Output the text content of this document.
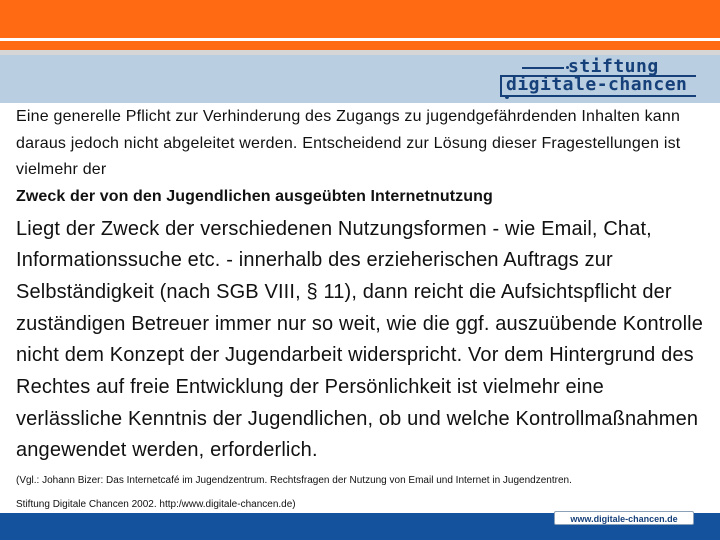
stiftung
digitale-chancen

Eine generelle Pflicht zur Verhinderung des Zugangs zu jugendgefährdenden Inhalten kann daraus jedoch nicht abgeleitet werden. Entscheidend zur Lösung dieser Fragestellungen ist vielmehr der

Zweck der von den Jugendlichen ausgeübten Internetnutzung

Liegt der Zweck der verschiedenen Nutzungsformen - wie Email, Chat, Informationssuche etc. - innerhalb des erzieherischen Auftrags zur Selbständigkeit (nach SGB VIII, § 11), dann reicht die Aufsichtspflicht der zuständigen Betreuer immer nur so weit, wie die ggf. auszuübende Kontrolle nicht dem Konzept der Jugendarbeit widerspricht. Vor dem Hintergrund des Rechtes auf freie Entwicklung der Persönlichkeit ist vielmehr eine verlässliche Kenntnis der Jugendlichen, ob und welche Kontrollmaßnahmen angewendet werden, erforderlich.

(Vgl.: Johann Bizer: Das Internetcafé im Jugendzentrum. Rechtsfragen der Nutzung von Email und Internet in Jugendzentren.
Stiftung Digitale Chancen 2002. http:/www.digitale-chancen.de)

www.digitale-chancen.de
